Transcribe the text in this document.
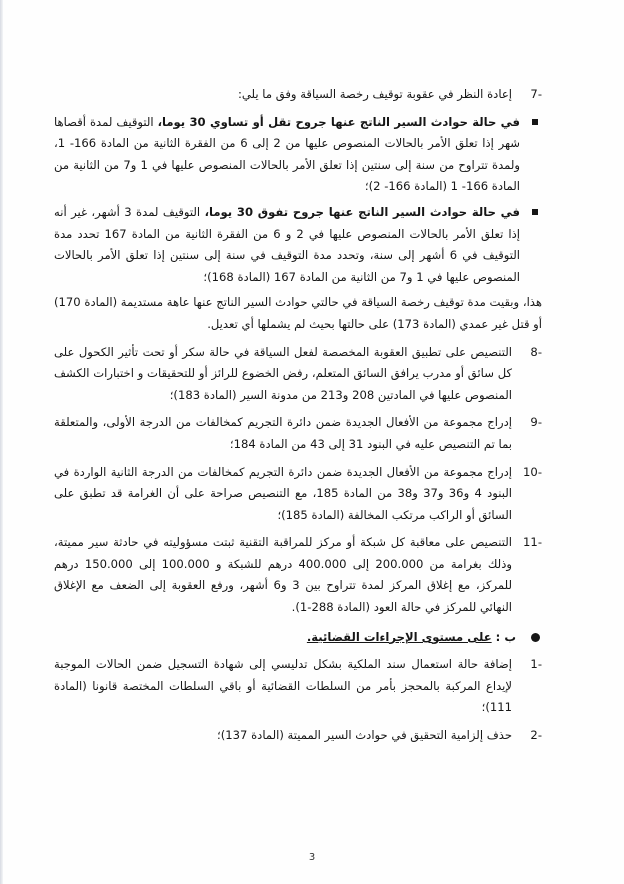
-7

إعادة النظر في عقوبة توقيف رخصة السياقة وفق ما يلي:

في حالة حوادث السير الناتج عنها جروح تقل أو تساوي 30 يوما، التوقيف لمدة أقصاها شهر إذا تعلق الأمر بالحالات المنصوص عليها من 2 إلى 6 من الفقرة الثانية من المادة 166- 1، ولمدة تتراوح من سنة إلى سنتين إذا تعلق الأمر بالحالات المنصوص عليها في 1 و7 من الثانية من المادة 166- 1 (المادة 166- 2)؛

في حالة حوادث السير الناتج عنها جروح تفوق 30 يوما، التوقيف لمدة 3 أشهر، غير أنه إذا تعلق الأمر بالحالات المنصوص عليها في 2 و 6 من الفقرة الثانية من المادة 167 تحدد مدة التوقيف في 6 أشهر إلى سنة، وتحدد مدة التوقيف في سنة إلى سنتين إذا تعلق الأمر بالحالات المنصوص عليها في 1 و7 من الثانية من المادة 167 (المادة 168)؛

هذا، وبقيت مدة توقيف رخصة السياقة في حالتي حوادث السير الناتج عنها عاهة مستديمة (المادة 170) أو قتل غير عمدي (المادة 173) على حالتها بحيث لم يشملها أي تعديل.

-8

التنصيص على تطبيق العقوبة المخصصة لفعل السياقة في حالة سكر أو تحت تأثير الكحول على كل سائق أو مدرب يرافق السائق المتعلم، رفض الخضوع للرائز أو للتحقيقات و اختبارات الكشف المنصوص عليها في المادتين 208 و213 من مدونة السير (المادة 183)؛

-9

إدراج مجموعة من الأفعال الجديدة ضمن دائرة التجريم كمخالفات من الدرجة الأولى، والمتعلقة بما تم التنصيص عليه في البنود 31 إلى 43 من المادة 184؛

-10

إدراج مجموعة من الأفعال الجديدة ضمن دائرة التجريم كمخالفات من الدرجة الثانية الواردة في البنود 4 و36 و37 و38 من المادة 185، مع التنصيص صراحة على أن الغرامة قد تطبق على السائق أو الراكب مرتكب المخالفة (المادة 185)؛

-11

التنصيص على معاقبة كل شبكة أو مركز للمراقبة التقنية ثبتت مسؤوليته في حادثة سير مميتة، وذلك بغرامة من 200.000 إلى 400.000 درهم للشبكة و 100.000 إلى 150.000 درهم للمركز، مع إغلاق المركز لمدة تتراوح بين 3 و6 أشهر، ورفع العقوبة إلى الضعف مع الإغلاق النهائي للمركز في حالة العود (المادة 288-1).

ب : على مستوى الإجراءات القضائية.
-1

إضافة حالة استعمال سند الملكية بشكل تدليسي إلى شهادة التسجيل ضمن الحالات الموجبة لإيداع المركبة بالمحجز بأمر من السلطات القضائية أو باقي السلطات المختصة قانونا (المادة 111)؛

-2

حذف إلزامية التحقيق في حوادث السير المميتة (المادة 137)؛

3
